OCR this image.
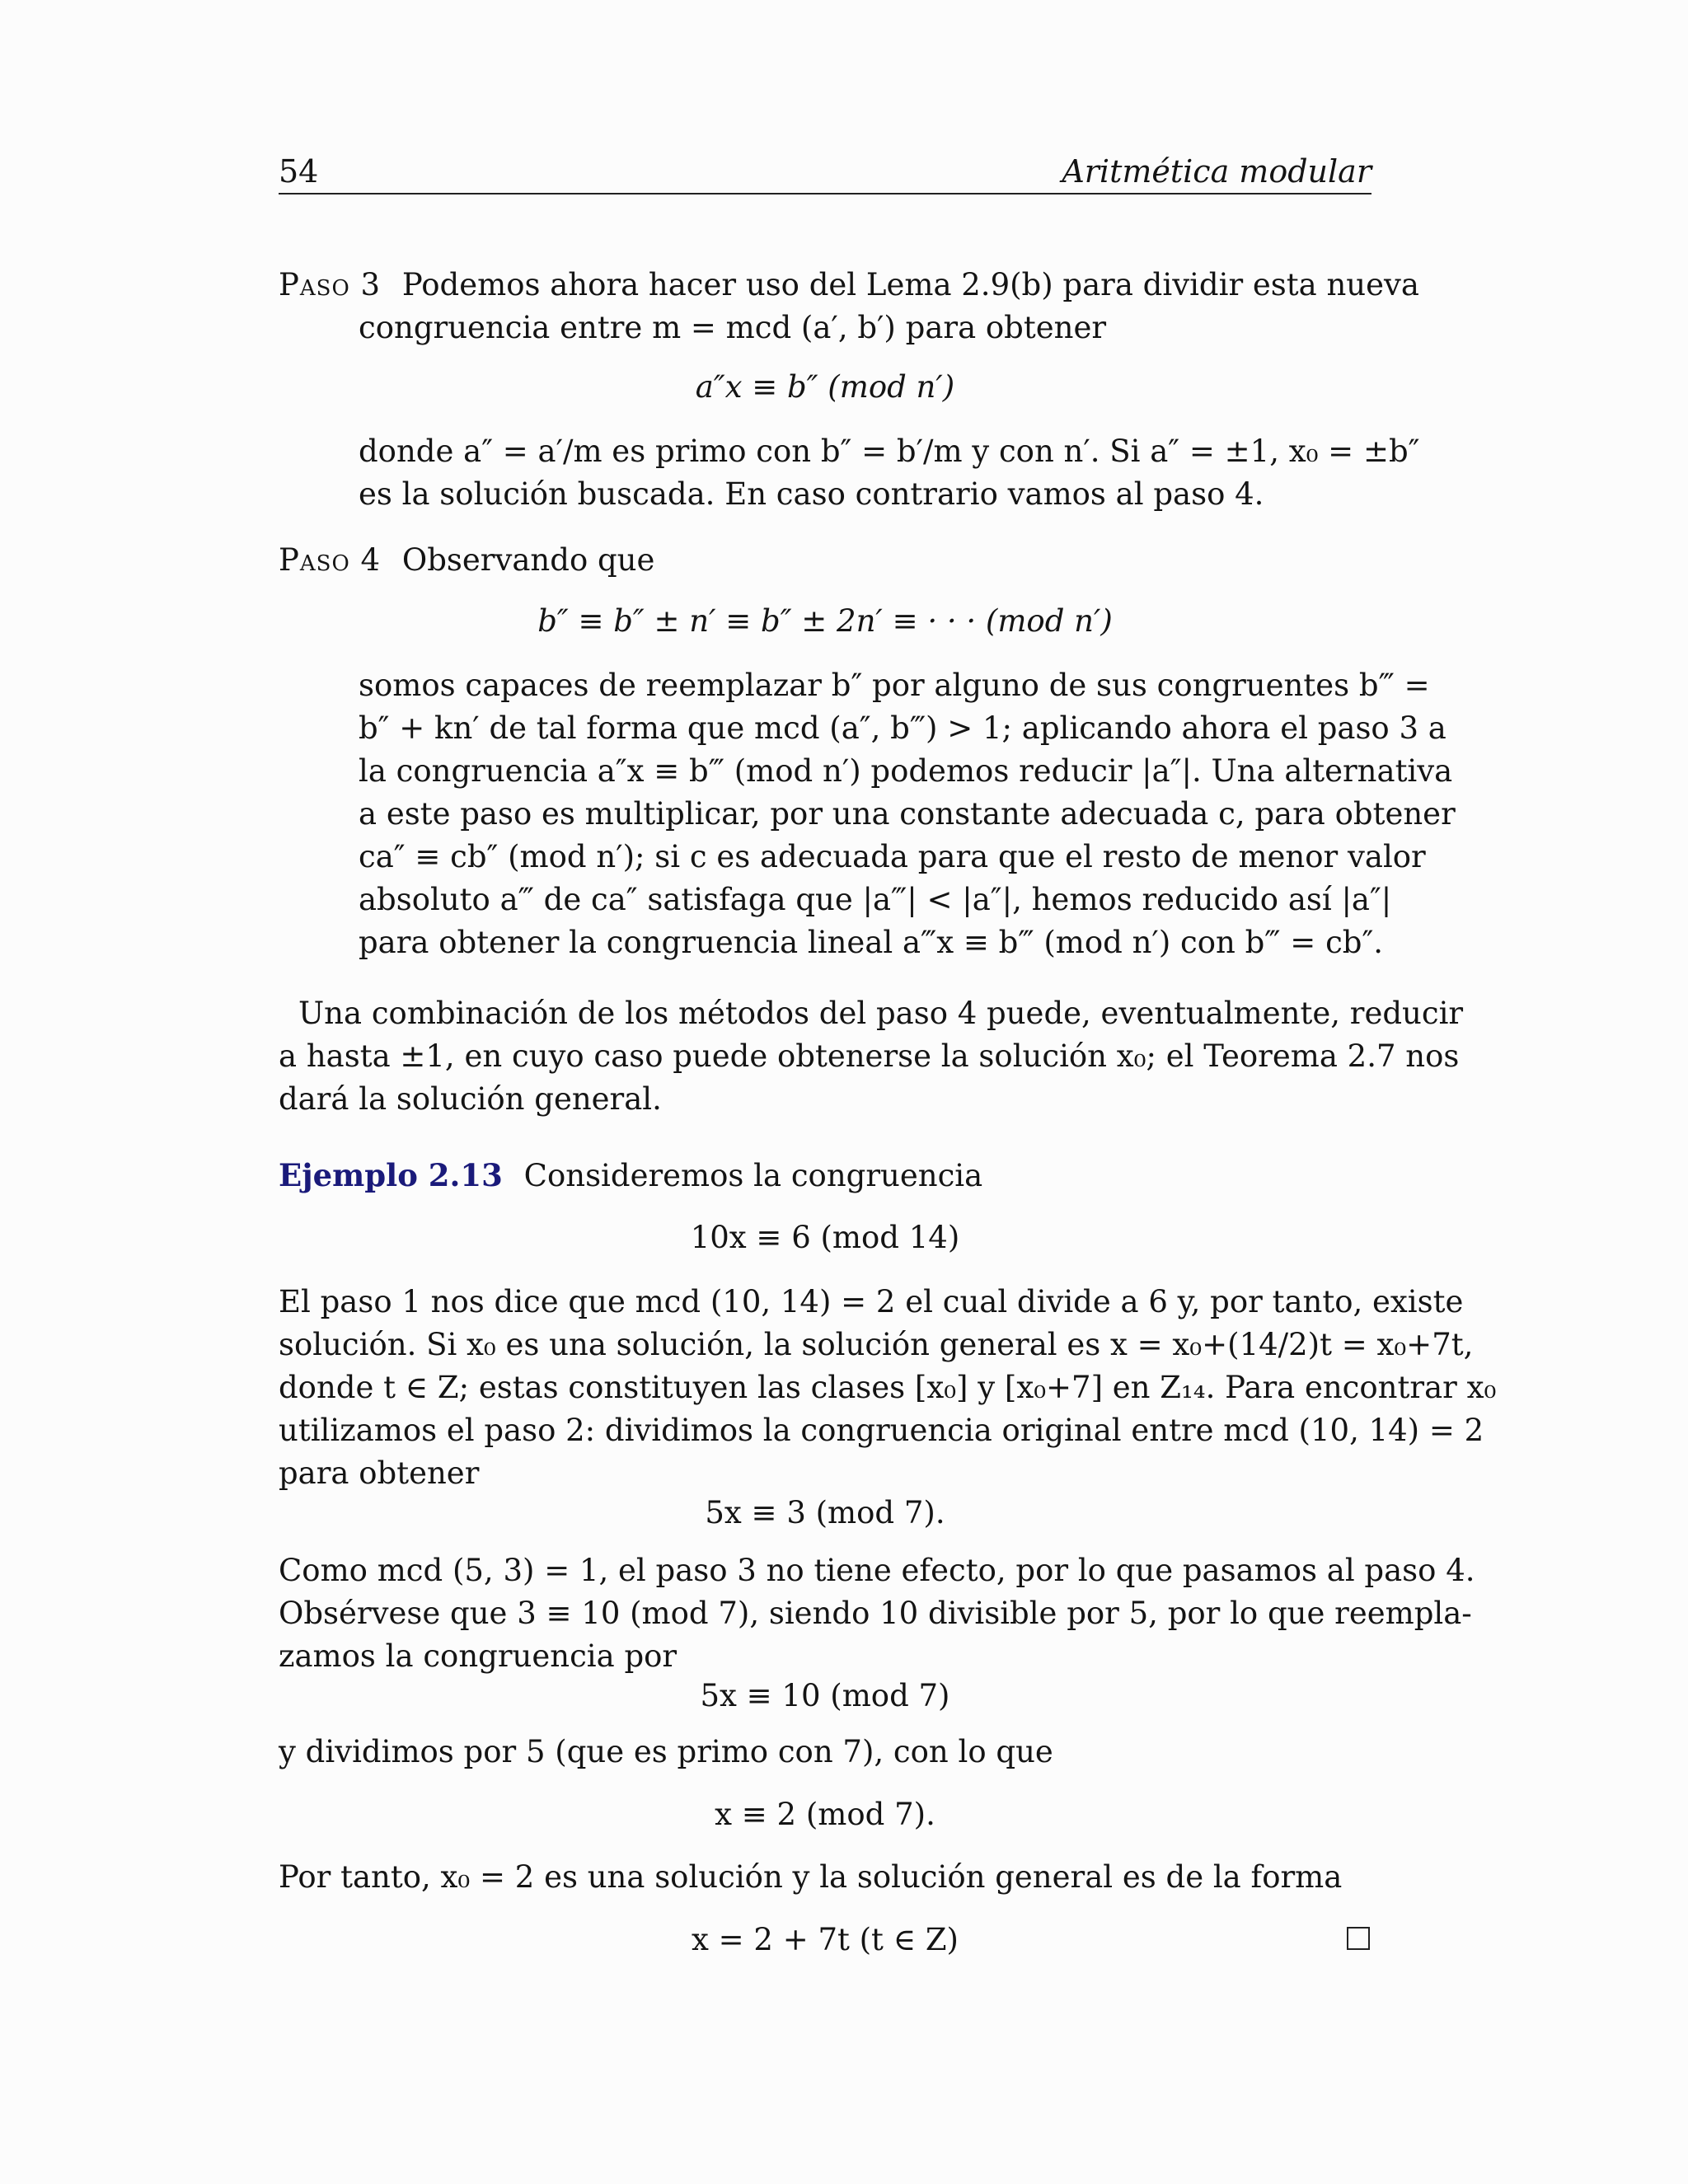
54	Aritmética modular
Paso 3 Podemos ahora hacer uso del Lema 2.9(b) para dividir esta nueva
congruencia entre m = mcd (a′, b′) para obtener
a″x ≡ b″ (mod n′)
donde a″ = a′/m es primo con b″ = b′/m y con n′. Si a″ = ±1, x₀ = ±b″
es la solución buscada. En caso contrario vamos al paso 4.
Paso 4 Observando que
b″ ≡ b″ ± n′ ≡ b″ ± 2n′ ≡ · · · (mod n′)
somos capaces de reemplazar b″ por alguno de sus congruentes b‴ =
b″ + kn′ de tal forma que mcd (a″, b‴) > 1; aplicando ahora el paso 3 a
la congruencia a″x ≡ b‴ (mod n′) podemos reducir |a″|. Una alternativa
a este paso es multiplicar, por una constante adecuada c, para obtener
ca″ ≡ cb″ (mod n′); si c es adecuada para que el resto de menor valor
absoluto a‴ de ca″ satisfaga que |a‴| < |a″|, hemos reducido así |a″|
para obtener la congruencia lineal a‴x ≡ b‴ (mod n′) con b‴ = cb″.
Una combinación de los métodos del paso 4 puede, eventualmente, reducir
a hasta ±1, en cuyo caso puede obtenerse la solución x₀; el Teorema 2.7 nos
dará la solución general.
Ejemplo 2.13 Consideremos la congruencia
10x ≡ 6 (mod 14)
El paso 1 nos dice que mcd (10, 14) = 2 el cual divide a 6 y, por tanto, existe
solución. Si x₀ es una solución, la solución general es x = x₀+(14/2)t = x₀+7t,
donde t ∈ Z; estas constituyen las clases [x₀] y [x₀+7] en Z₁₄. Para encontrar x₀
utilizamos el paso 2: dividimos la congruencia original entre mcd (10, 14) = 2
para obtener
5x ≡ 3 (mod 7).
Como mcd (5, 3) = 1, el paso 3 no tiene efecto, por lo que pasamos al paso 4.
Obsérvese que 3 ≡ 10 (mod 7), siendo 10 divisible por 5, por lo que reempla-
zamos la congruencia por
5x ≡ 10 (mod 7)
y dividimos por 5 (que es primo con 7), con lo que
x ≡ 2 (mod 7).
Por tanto, x₀ = 2 es una solución y la solución general es de la forma
x = 2 + 7t (t ∈ Z)
